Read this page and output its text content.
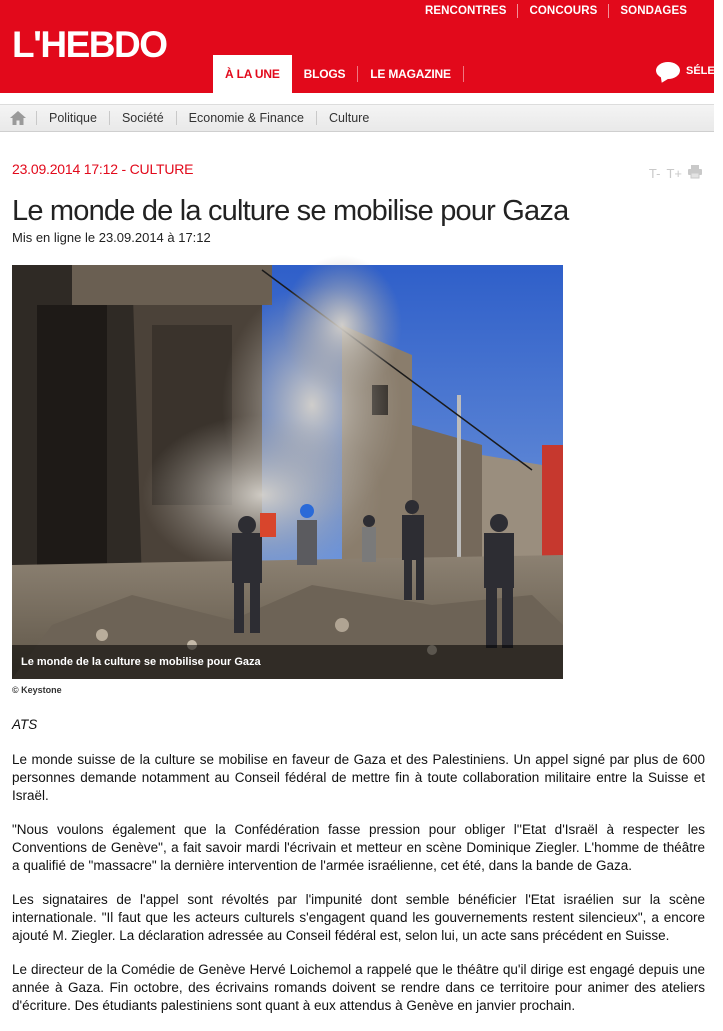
RENCONTRES	CONCOURS	SONDAGES
L'HEBDO
À LA UNE	BLOGS	LE MAGAZINE	SÉLEC
Politique	Société	Economie & Finance	Culture
23.09.2014 17:12 - CULTURE	T- T+
Le monde de la culture se mobilise pour Gaza
Mis en ligne le 23.09.2014 à 17:12
Le monde de la culture se mobilise pour Gaza
© Keystone
ATS

Le monde suisse de la culture se mobilise en faveur de Gaza et des Palestiniens. Un appel signé par plus de 600 personnes demande notamment au Conseil fédéral de mettre fin à toute collaboration militaire entre la Suisse et Israël.

"Nous voulons également que la Confédération fasse pression pour obliger l''Etat d'Israël à respecter les Conventions de Genève", a fait savoir mardi l'écrivain et metteur en scène Dominique Ziegler. L'homme de théâtre a qualifié de "massacre" la dernière intervention de l'armée israélienne, cet été, dans la bande de Gaza.

Les signataires de l'appel sont révoltés par l'impunité dont semble bénéficier l'Etat israélien sur la scène internationale. "Il faut que les acteurs culturels s'engagent quand les gouvernements restent silencieux", a encore ajouté M. Ziegler. La déclaration adressée au Conseil fédéral est, selon lui, un acte sans précédent en Suisse.

Le directeur de la Comédie de Genève Hervé Loichemol a rappelé que le théâtre qu'il dirige est engagé depuis une année à Gaza. Fin octobre, des écrivains romands doivent se rendre dans ce territoire pour animer des ateliers d'écriture. Des étudiants palestiniens sont quant à eux attendus à Genève en janvier prochain.
